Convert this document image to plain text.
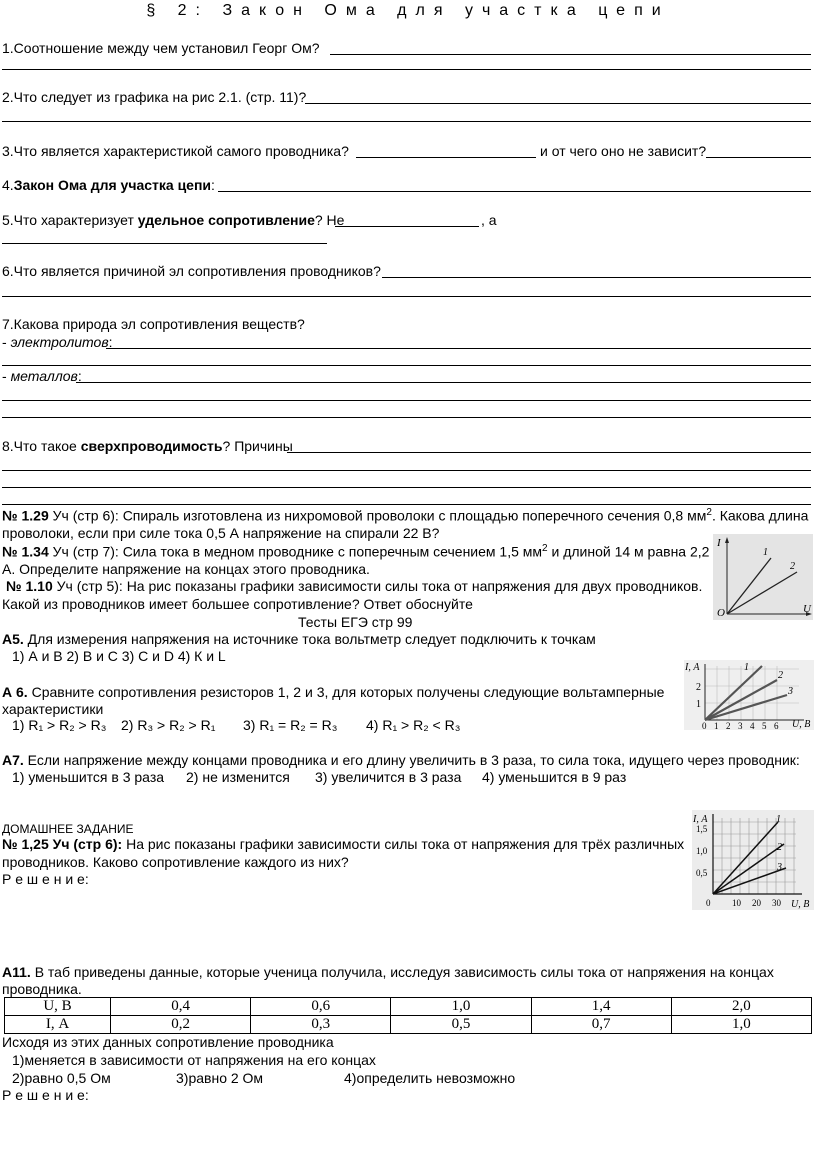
§ 2: Закон Ома для участка цепи
1.Соотношение между чем установил Георг Ом?
2.Что следует из графика на рис 2.1. (стр. 11)?
3.Что является характеристикой самого проводника?	и от чего оно не зависит?
4.Закон Ома для участка цепи:
5.Что характеризует удельное сопротивление? Не	, а
6.Что является причиной эл сопротивления проводников?
7.Какова природа эл сопротивления веществ?
- электролитов:
- металлов:
8.Что такое сверхпроводимость? Причины
№ 1.29 Уч (стр 6): Спираль изготовлена из нихромовой проволоки с площадью поперечного сечения 0,8 $мм^2$. Какова длина
проволоки, если при силе тока 0,5 А напряжение на спирали 22 В?
№ 1.34 Уч (стр 7): Сила тока в медном проводнике с поперечным сечением 1,5 $мм^2$ и длиной 14 м равна 2,2
А. Определите напряжение на концах этого проводника.
№ 1.10 Уч (стр 5): На рис показаны графики зависимости силы тока от напряжения для двух проводников.
Какой из проводников имеет большее сопротивление? Ответ обоснуйте
I
O	U
1
2
Тесты ЕГЭ стр 99
А5. Для измерения напряжения на источнике тока вольтметр следует подключить к точкам
1) А и В 2) В и С 3) С и D 4) К и L
А 6. Сравните сопротивления резисторов 1, 2 и 3, для которых получены следующие вольтамперные
характеристики
1) R₁ > R₂ > R₃ 2) R₃ > R₂ > R₁ 3) R₁ = R₂ = R₃ 4) R₁ > R₂ < R₃
I, А
1
2
0 1 2 3 4 5 6 U, В
1
2
3
А7. Если напряжение между концами проводника и его длину увеличить в 3 раза, то сила тока, идущего через проводник:
1) уменьшится в 3 раза 2) не изменится 3) увеличится в 3 раза 4) уменьшится в 9 раз
ДОМАШНЕЕ ЗАДАНИЕ
№ 1,25 Уч (стр 6): На рис показаны графики зависимости силы тока от напряжения для трёх различных
проводников. Каково сопротивление каждого из них?
Р е ш е н и е:
I, А
1,5
1,0
0,5
0 10 20 30 U, В
1
2
3
А11. В таб приведены данные, которые ученица получила, исследуя зависимость силы тока от напряжения на концах
проводника.
U, В	0,4	0,6	1,0	1,4	2,0
I, А	0,2	0,3	0,5	0,7	1,0
Исходя из этих данных сопротивление проводника
1)меняется в зависимости от напряжения на его концах
2)равно 0,5 Ом	3)равно 2 Ом	4)определить невозможно
Р е ш е н и е:
